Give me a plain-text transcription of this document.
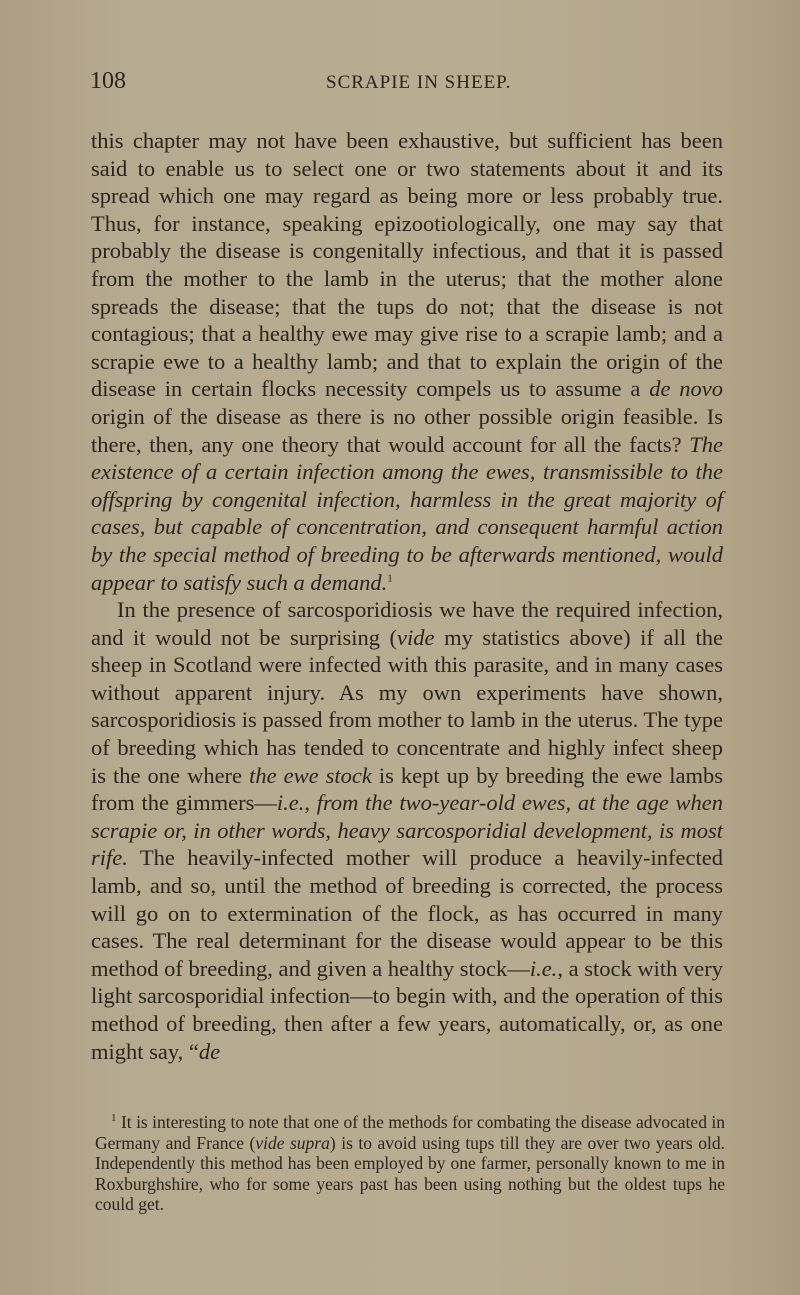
108	SCRAPIE IN SHEEP.

this chapter may not have been exhaustive, but sufficient has been said to enable us to select one or two statements about it and its spread which one may regard as being more or less probably true. Thus, for instance, speaking epizootiologically, one may say that probably the disease is congenitally infectious, and that it is passed from the mother to the lamb in the uterus; that the mother alone spreads the disease; that the tups do not; that the disease is not contagious; that a healthy ewe may give rise to a scrapie lamb; and a scrapie ewe to a healthy lamb; and that to explain the origin of the disease in certain flocks necessity compels us to assume a de novo origin of the disease as there is no other possible origin feasible. Is there, then, any one theory that would account for all the facts? The existence of a certain infection among the ewes, transmissible to the offspring by congenital infection, harmless in the great majority of cases, but capable of concentration, and consequent harmful action by the special method of breeding to be afterwards mentioned, would appear to satisfy such a demand.$^1$

In the presence of sarcosporidiosis we have the required infection, and it would not be surprising (vide my statistics above) if all the sheep in Scotland were infected with this parasite, and in many cases without apparent injury. As my own experiments have shown, sarcosporidiosis is passed from mother to lamb in the uterus. The type of breeding which has tended to concentrate and highly infect sheep is the one where the ewe stock is kept up by breeding the ewe lambs from the gimmers—i.e., from the two-year-old ewes, at the age when scrapie or, in other words, heavy sarcosporidial development, is most rife. The heavily-infected mother will produce a heavily-infected lamb, and so, until the method of breeding is corrected, the process will go on to extermination of the flock, as has occurred in many cases. The real determinant for the disease would appear to be this method of breeding, and given a healthy stock—i.e., a stock with very light sarcosporidial infection—to begin with, and the operation of this method of breeding, then after a few years, automatically, or, as one might say, “de

$^1$ It is interesting to note that one of the methods for combating the disease advocated in Germany and France (vide supra) is to avoid using tups till they are over two years old. Independently this method has been employed by one farmer, personally known to me in Roxburghshire, who for some years past has been using nothing but the oldest tups he could get.
